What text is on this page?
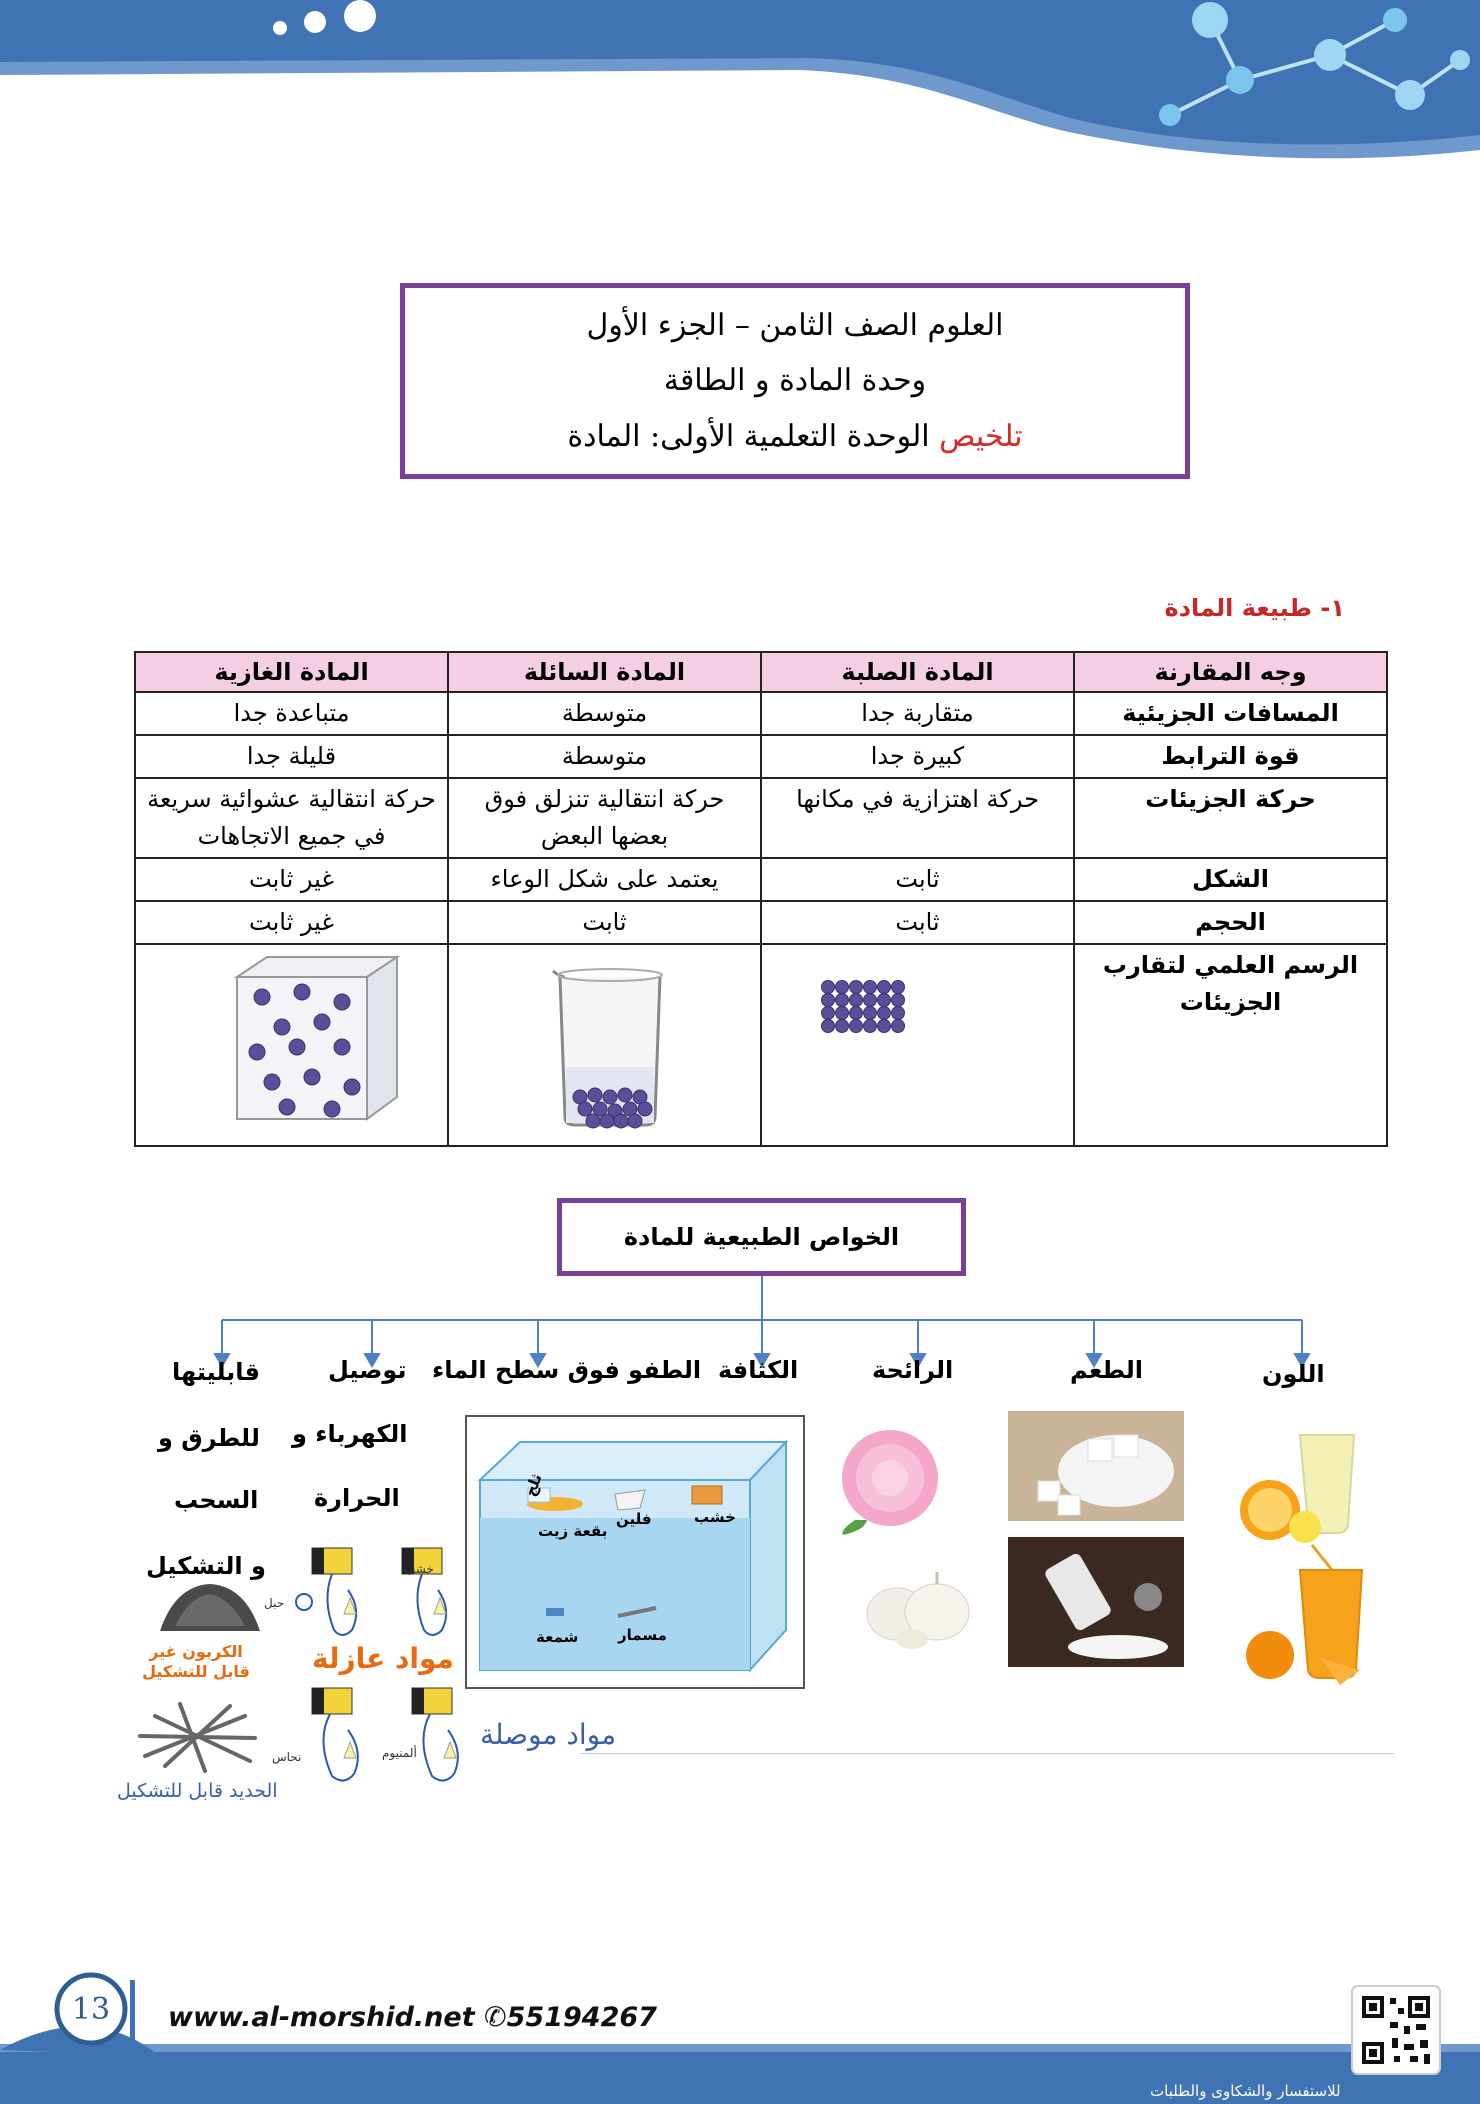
العلوم الصف الثامن – الجزء الأول
وحدة المادة و الطاقة
تلخيص الوحدة التعلمية الأولى: المادة
١- طبيعة المادة
وجه المقارنة	المادة الصلبة	المادة السائلة	المادة الغازية
المسافات الجزيئية	متقاربة جدا	متوسطة	متباعدة جدا
قوة الترابط	كبيرة جدا	متوسطة	قليلة جدا
حركة الجزيئات	حركة اهتزازية في مكانها	حركة انتقالية تنزلق فوق بعضها البعض	حركة انتقالية عشوائية سريعة في جميع الاتجاهات
الشكل	ثابت	يعتمد على شكل الوعاء	غير ثابت
الحجم	ثابت	ثابت	غير ثابت
الرسم العلمي لتقارب الجزيئات	

الخواص الطبيعية للمادة
اللون
الطعم
الرائحة
الكثافة
الطفو فوق سطح الماء
توصيل
قابليتها
الكهرباء و
الحرارة
للطرق و
السحب
و التشكيل
ثلج
بقعة زيت
فلين	خشب
شمعة	مسمار
حبل
خشب
مواد عازلة
نحاس	ألمنيوم
مواد موصلة
الكربون غير قابل للتشكيل
الحديد قابل للتشكيل
13	www.al-morshid.net ✆55194267
للاستفسار والشكاوى والطلبات
